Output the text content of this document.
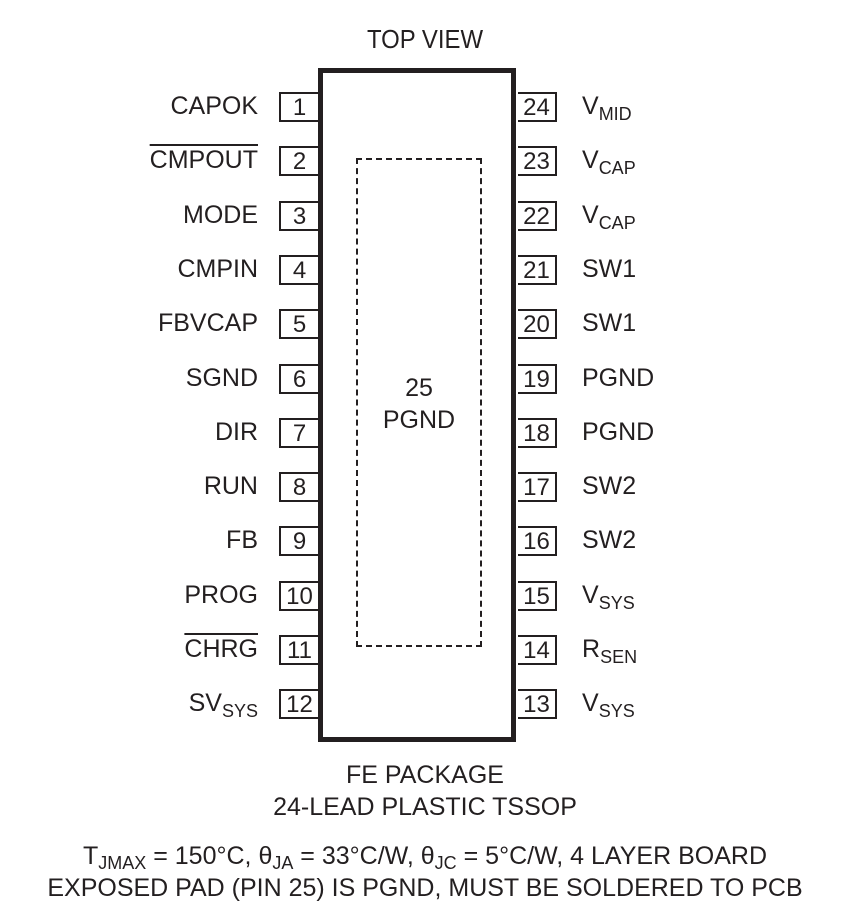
TOP VIEW
25
PGND
1
CAPOK
2
CMPOUT
3
MODE
4
CMPIN
5
FBVCAP
6
SGND
7
DIR
8
RUN
9
FB
10
PROG
11
CHRG
12
$SV_{SYS}$
24 $V_{MID}$
23 $V_{CAP}$
22 $V_{CAP}$
21 SW1
20 SW1
19 PGND
18 PGND
17 SW2
16 SW2
15 $V_{SYS}$
14 $R_{SEN}$
13 $V_{SYS}$
FE PACKAGE
24-LEAD PLASTIC TSSOP
$T_{JMAX} = 150^\circ C$, $\theta_{JA} = 33^\circ C/W$, $\theta_{JC} = 5^\circ C/W$, 4 LAYER BOARD
EXPOSED PAD (PIN 25) IS PGND, MUST BE SOLDERED TO PCB
